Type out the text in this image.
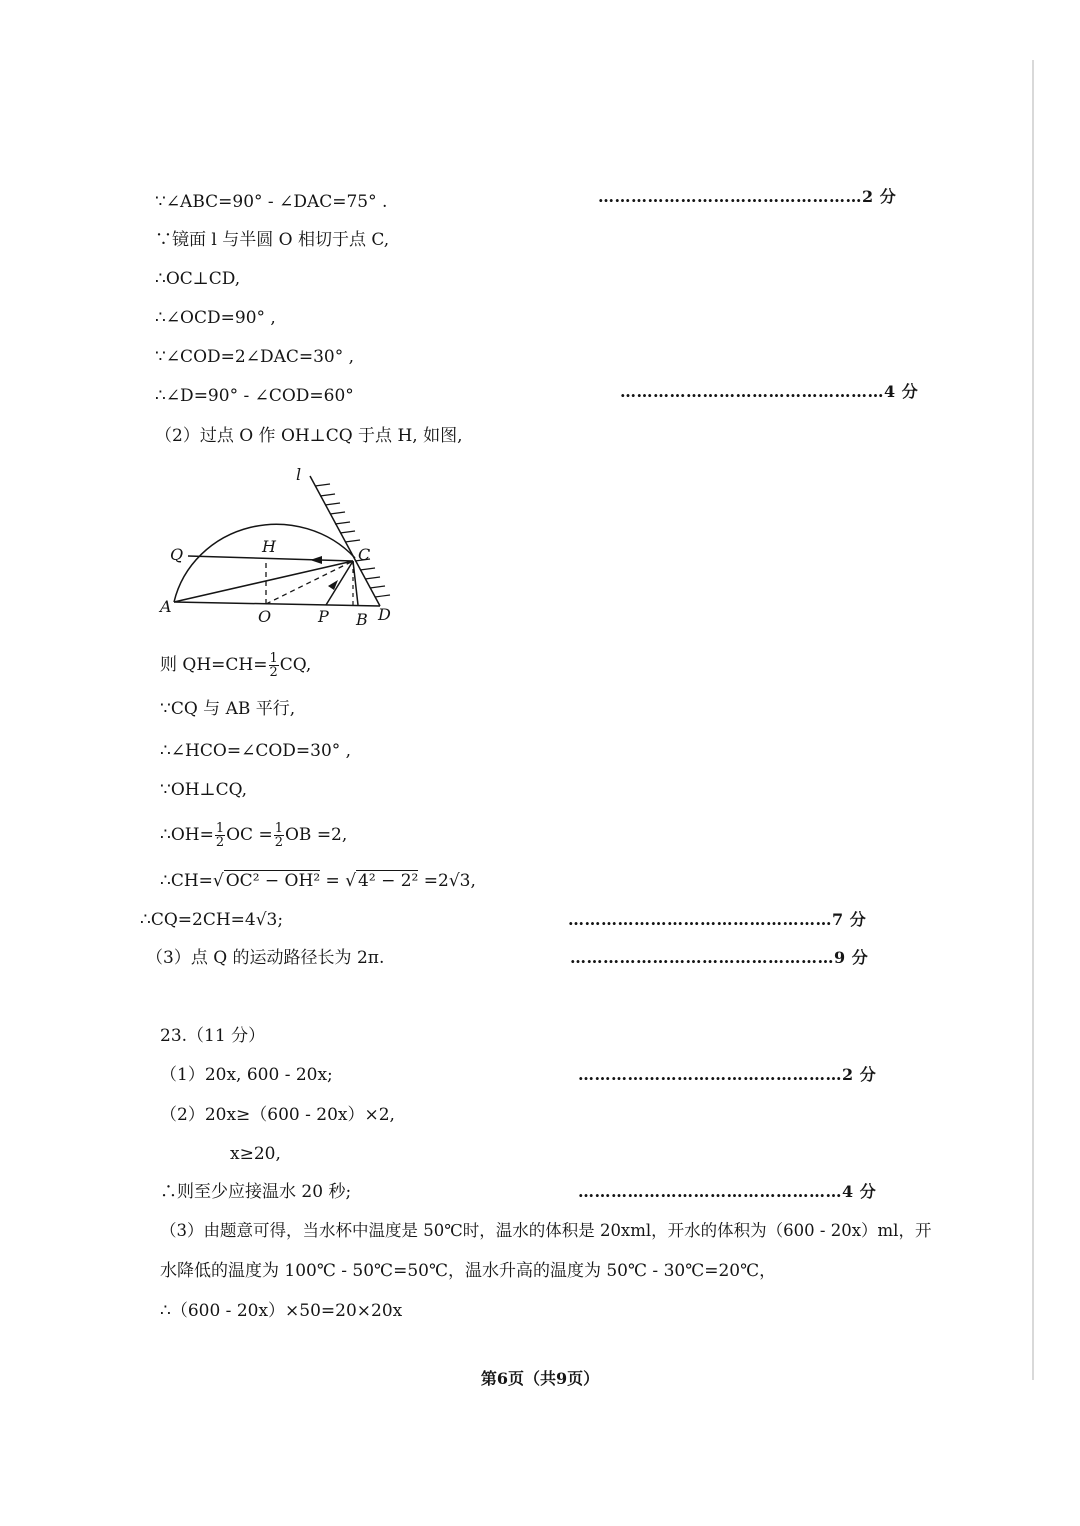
∵∠ABC=90° - ∠DAC=75° .	…………………………………………2 分
∵镜面 l 与半圆 O 相切于点 C,
∴OC⊥CD,
∴∠OCD=90° ,
∵∠COD=2∠DAC=30° ,
∴∠D=90° - ∠COD=60°	…………………………………………4 分
（2）过点 O 作 OH⊥CQ 于点 H, 如图,
l
Q	H	C
A
O	P B D
则 $QH=CH= \frac{1}{2}$ CQ,
∵CQ 与 AB 平行,
∴∠HCO=∠COD=30° ,
∵OH⊥CQ,
∴OH= $\frac{1}{2}$ OC = $\frac{1}{2}$ OB =2,
∴CH=√ OC² − OH² = √ 4² − 2² =2√3,
∴CQ=2CH=4√3;	…………………………………………7 分
（3）点 Q 的运动路径长为 2π.	…………………………………………9 分
23.（11 分）
（1）20x, 600 - 20x;	…………………………………………2 分
（2）20x≥（600 - 20x）×2,
x≥20,
∴则至少应接温水 20 秒;	…………………………………………4 分
（3）由题意可得，当水杯中温度是 50℃时，温水的体积是 20xml，开水的体积为（600 - 20x）ml，开
水降低的温度为 100℃ - 50℃=50℃，温水升高的温度为 50℃ - 30℃=20℃，
∴（600 - 20x）×50=20×20x
第6页（共9页）
